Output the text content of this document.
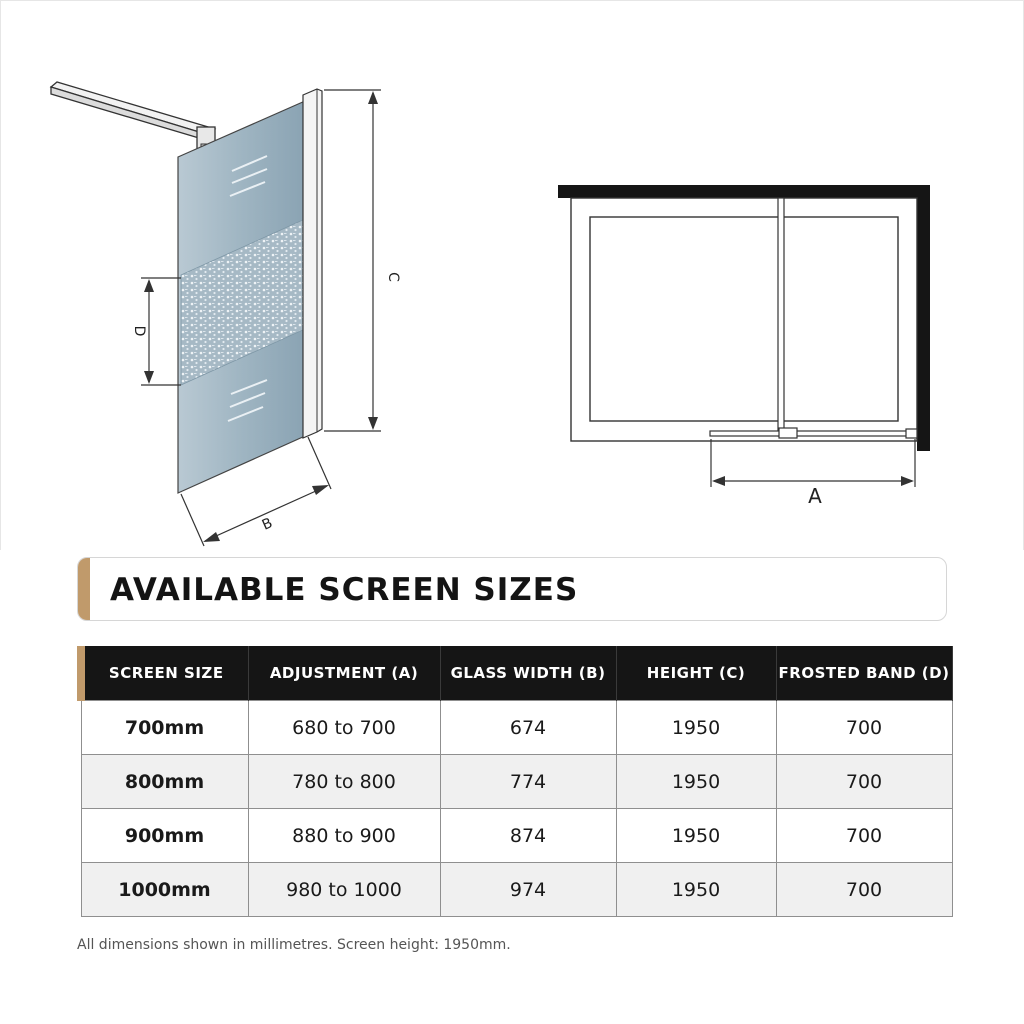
C
D
B
A
AVAILABLE SCREEN SIZES
SCREEN SIZE	ADJUSTMENT (A)	GLASS WIDTH (B)	HEIGHT (C)	FROSTED BAND (D)
700mm	680 to 700	674	1950	700
800mm	780 to 800	774	1950	700
900mm	880 to 900	874	1950	700
1000mm	980 to 1000	974	1950	700
All dimensions shown in millimetres. Screen height: 1950mm.
